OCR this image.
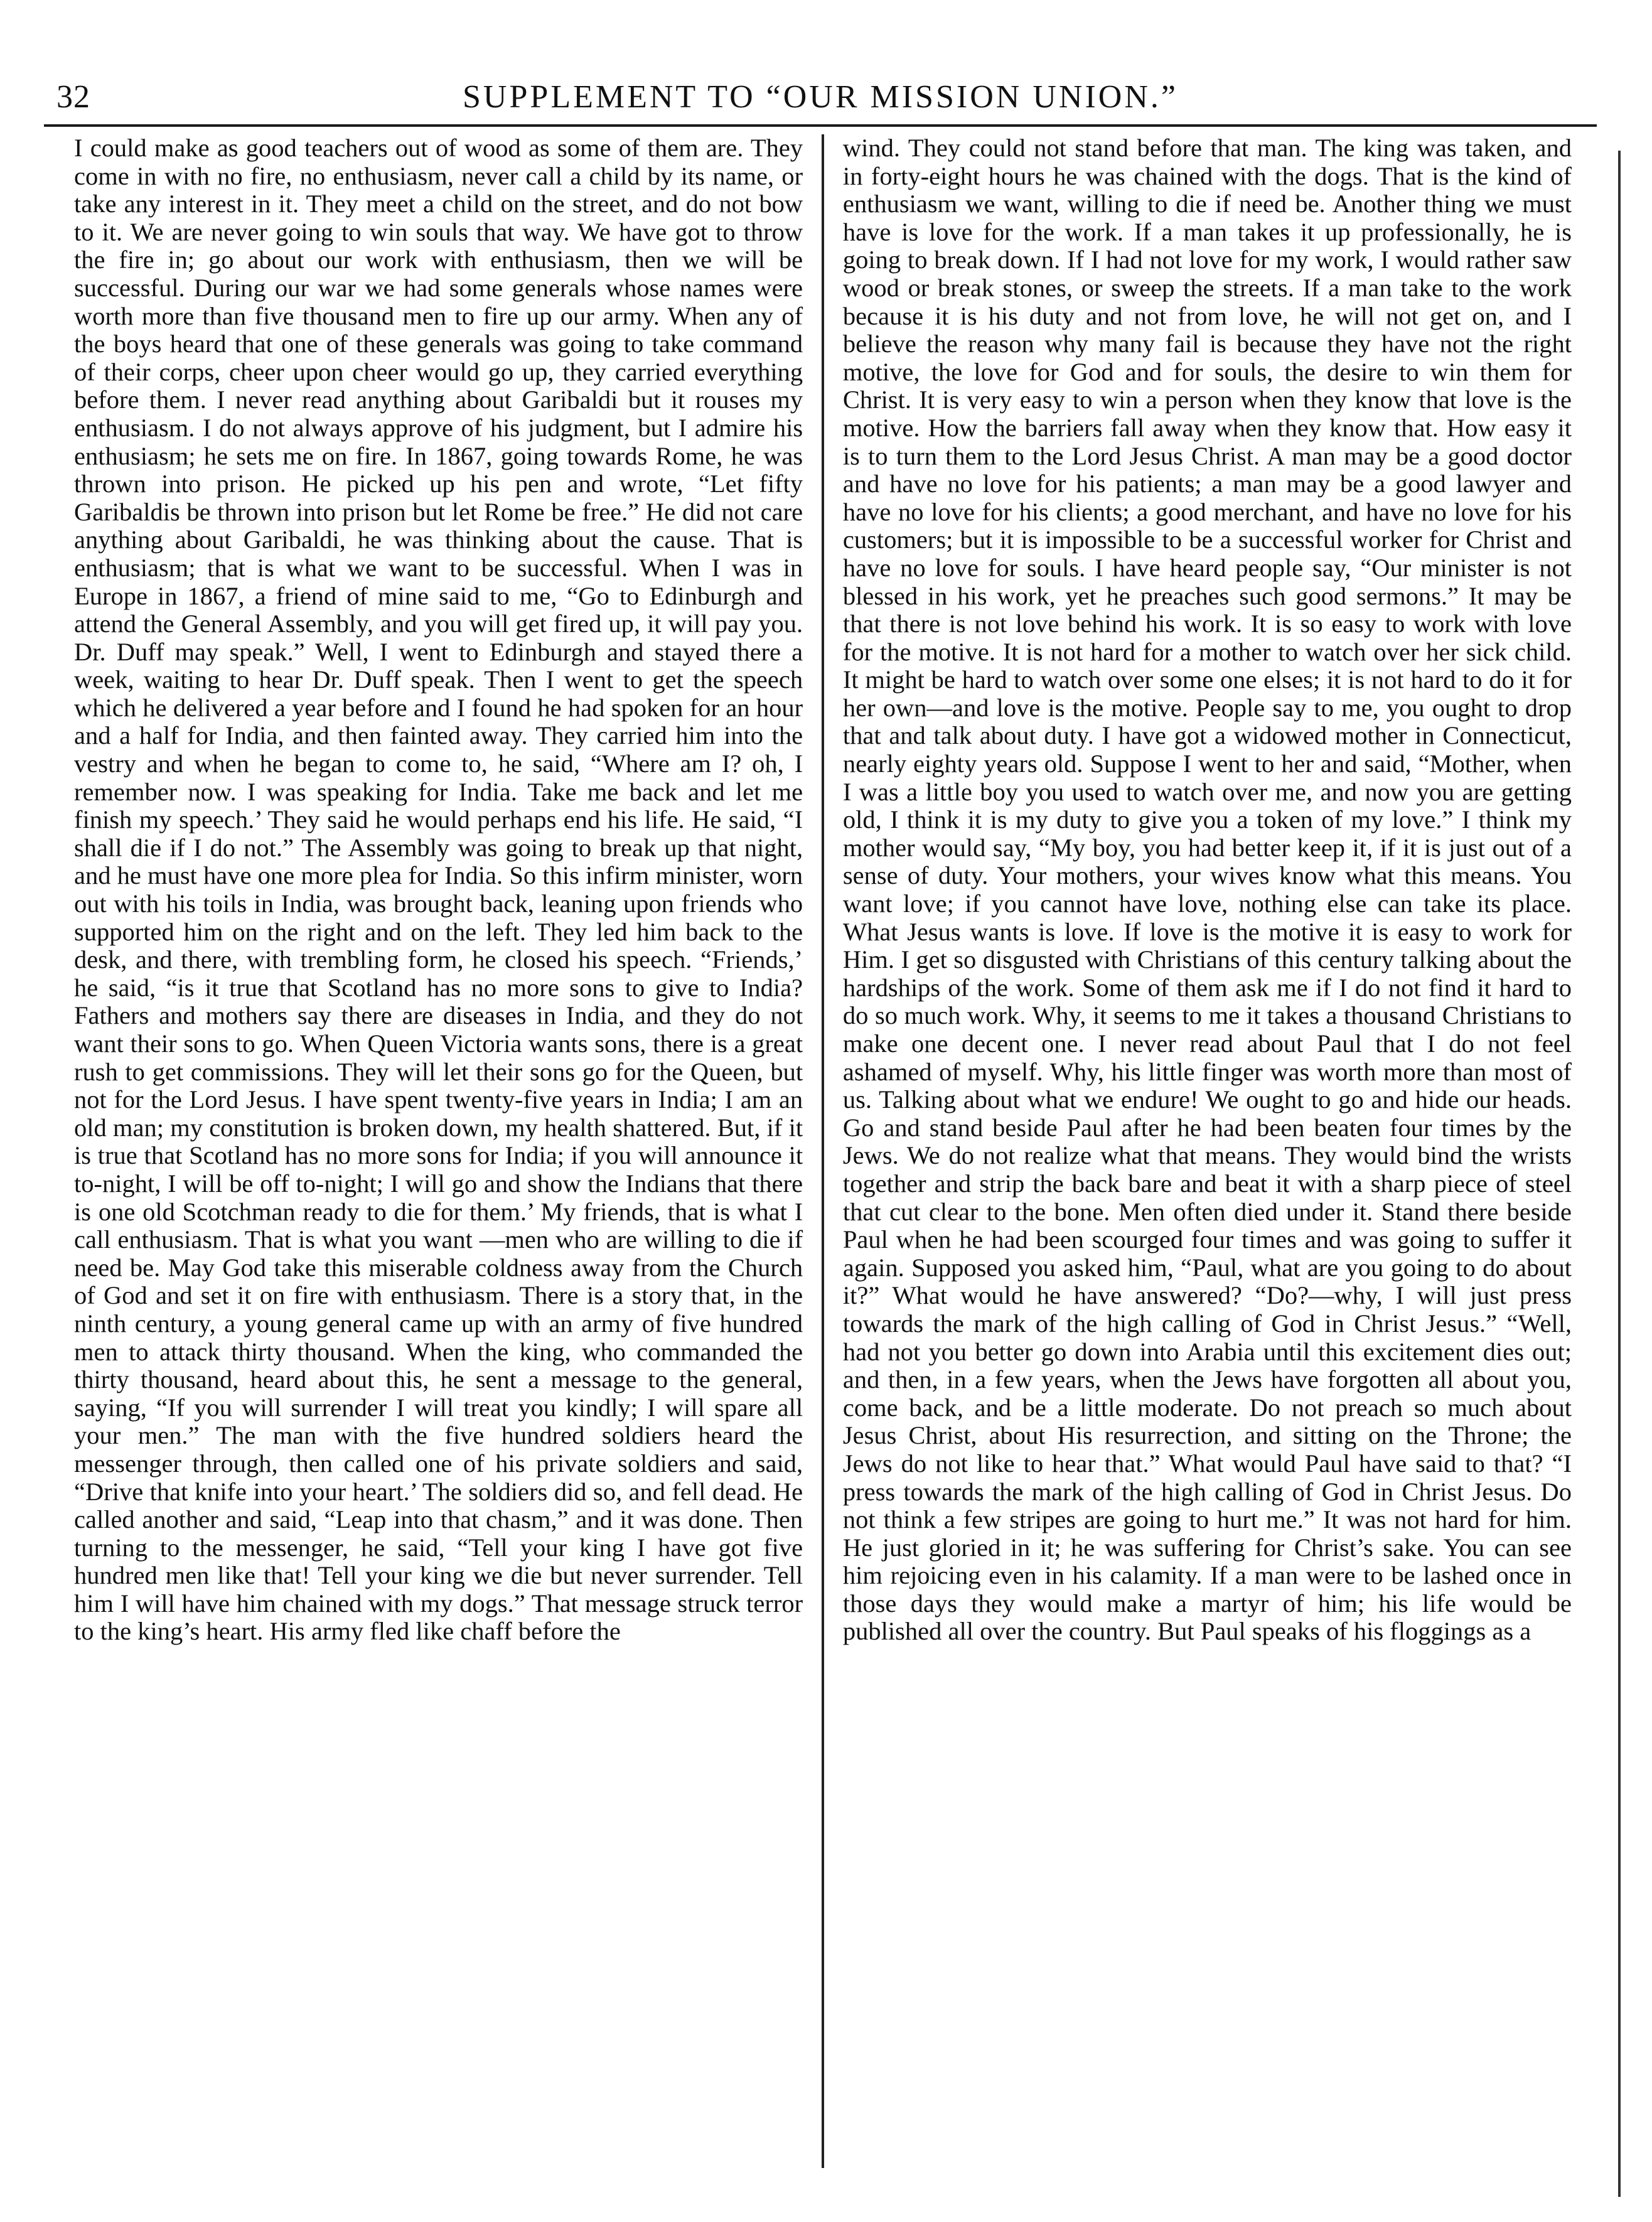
32	SUPPLEMENT TO “OUR MISSION UNION.”

I could make as good teachers out of wood as some of them are. They come in with no fire, no enthusiasm, never call a child by its name, or take any interest in it. They meet a child on the street, and do not bow to it. We are never going to win souls that way. We have got to throw the fire in; go about our work with enthusiasm, then we will be successful. During our war we had some generals whose names were worth more than five thousand men to fire up our army. When any of the boys heard that one of these generals was going to take command of their corps, cheer upon cheer would go up, they carried everything before them. I never read anything about Garibaldi but it rouses my enthusiasm. I do not always approve of his judgment, but I admire his enthusiasm; he sets me on fire. In 1867, going towards Rome, he was thrown into prison. He picked up his pen and wrote, “Let fifty Garibaldis be thrown into prison but let Rome be free.” He did not care anything about Garibaldi, he was thinking about the cause. That is enthusiasm; that is what we want to be successful. When I was in Europe in 1867, a friend of mine said to me, “Go to Edinburgh and attend the General Assembly, and you will get fired up, it will pay you. Dr. Duff may speak.” Well, I went to Edinburgh and stayed there a week, waiting to hear Dr. Duff speak. Then I went to get the speech which he delivered a year before and I found he had spoken for an hour and a half for India, and then fainted away. They carried him into the vestry and when he began to come to, he said, “Where am I? oh, I remember now. I was speaking for India. Take me back and let me finish my speech.’ They said he would perhaps end his life. He said, “I shall die if I do not.” The Assembly was going to break up that night, and he must have one more plea for India. So this infirm minister, worn out with his toils in India, was brought back, leaning upon friends who supported him on the right and on the left. They led him back to the desk, and there, with trembling form, he closed his speech. “Friends,’ he said, “is it true that Scotland has no more sons to give to India? Fathers and mothers say there are diseases in India, and they do not want their sons to go. When Queen Victoria wants sons, there is a great rush to get commissions. They will let their sons go for the Queen, but not for the Lord Jesus. I have spent twenty-five years in India; I am an old man; my constitution is broken down, my health shattered. But, if it is true that Scotland has no more sons for India; if you will announce it to-night, I will be off to-night; I will go and show the Indians that there is one old Scotchman ready to die for them.’ My friends, that is what I call enthusiasm. That is what you want —men who are willing to die if need be. May God take this miserable coldness away from the Church of God and set it on fire with enthusiasm. There is a story that, in the ninth century, a young general came up with an army of five hundred men to attack thirty thousand. When the king, who commanded the thirty thousand, heard about this, he sent a message to the general, saying, “If you will surrender I will treat you kindly; I will spare all your men.” The man with the five hundred soldiers heard the messenger through, then called one of his private soldiers and said, “Drive that knife into your heart.’ The soldiers did so, and fell dead. He called another and said, “Leap into that chasm,” and it was done. Then turning to the messenger, he said, “Tell your king I have got five hundred men like that! Tell your king we die but never surrender. Tell him I will have him chained with my dogs.” That message struck terror to the king’s heart. His army fled like chaff before the

wind. They could not stand before that man. The king was taken, and in forty-eight hours he was chained with the dogs. That is the kind of enthusiasm we want, willing to die if need be. Another thing we must have is love for the work. If a man takes it up professionally, he is going to break down. If I had not love for my work, I would rather saw wood or break stones, or sweep the streets. If a man take to the work because it is his duty and not from love, he will not get on, and I believe the reason why many fail is because they have not the right motive, the love for God and for souls, the desire to win them for Christ. It is very easy to win a person when they know that love is the motive. How the barriers fall away when they know that. How easy it is to turn them to the Lord Jesus Christ. A man may be a good doctor and have no love for his patients; a man may be a good lawyer and have no love for his clients; a good merchant, and have no love for his customers; but it is impossible to be a successful worker for Christ and have no love for souls. I have heard people say, “Our minister is not blessed in his work, yet he preaches such good sermons.” It may be that there is not love behind his work. It is so easy to work with love for the motive. It is not hard for a mother to watch over her sick child. It might be hard to watch over some one elses; it is not hard to do it for her own—and love is the motive. People say to me, you ought to drop that and talk about duty. I have got a widowed mother in Connecticut, nearly eighty years old. Suppose I went to her and said, “Mother, when I was a little boy you used to watch over me, and now you are getting old, I think it is my duty to give you a token of my love.” I think my mother would say, “My boy, you had better keep it, if it is just out of a sense of duty. Your mothers, your wives know what this means. You want love; if you cannot have love, nothing else can take its place. What Jesus wants is love. If love is the motive it is easy to work for Him. I get so disgusted with Christians of this century talking about the hardships of the work. Some of them ask me if I do not find it hard to do so much work. Why, it seems to me it takes a thousand Christians to make one decent one. I never read about Paul that I do not feel ashamed of myself. Why, his little finger was worth more than most of us. Talking about what we endure! We ought to go and hide our heads. Go and stand beside Paul after he had been beaten four times by the Jews. We do not realize what that means. They would bind the wrists together and strip the back bare and beat it with a sharp piece of steel that cut clear to the bone. Men often died under it. Stand there beside Paul when he had been scourged four times and was going to suffer it again. Supposed you asked him, “Paul, what are you going to do about it?” What would he have answered? “Do?—why, I will just press towards the mark of the high calling of God in Christ Jesus.” “Well, had not you better go down into Arabia until this excitement dies out; and then, in a few years, when the Jews have forgotten all about you, come back, and be a little moderate. Do not preach so much about Jesus Christ, about His resurrection, and sitting on the Throne; the Jews do not like to hear that.” What would Paul have said to that? “I press towards the mark of the high calling of God in Christ Jesus. Do not think a few stripes are going to hurt me.” It was not hard for him. He just gloried in it; he was suffering for Christ’s sake. You can see him rejoicing even in his calamity. If a man were to be lashed once in those days they would make a martyr of him; his life would be published all over the country. But Paul speaks of his floggings as a
